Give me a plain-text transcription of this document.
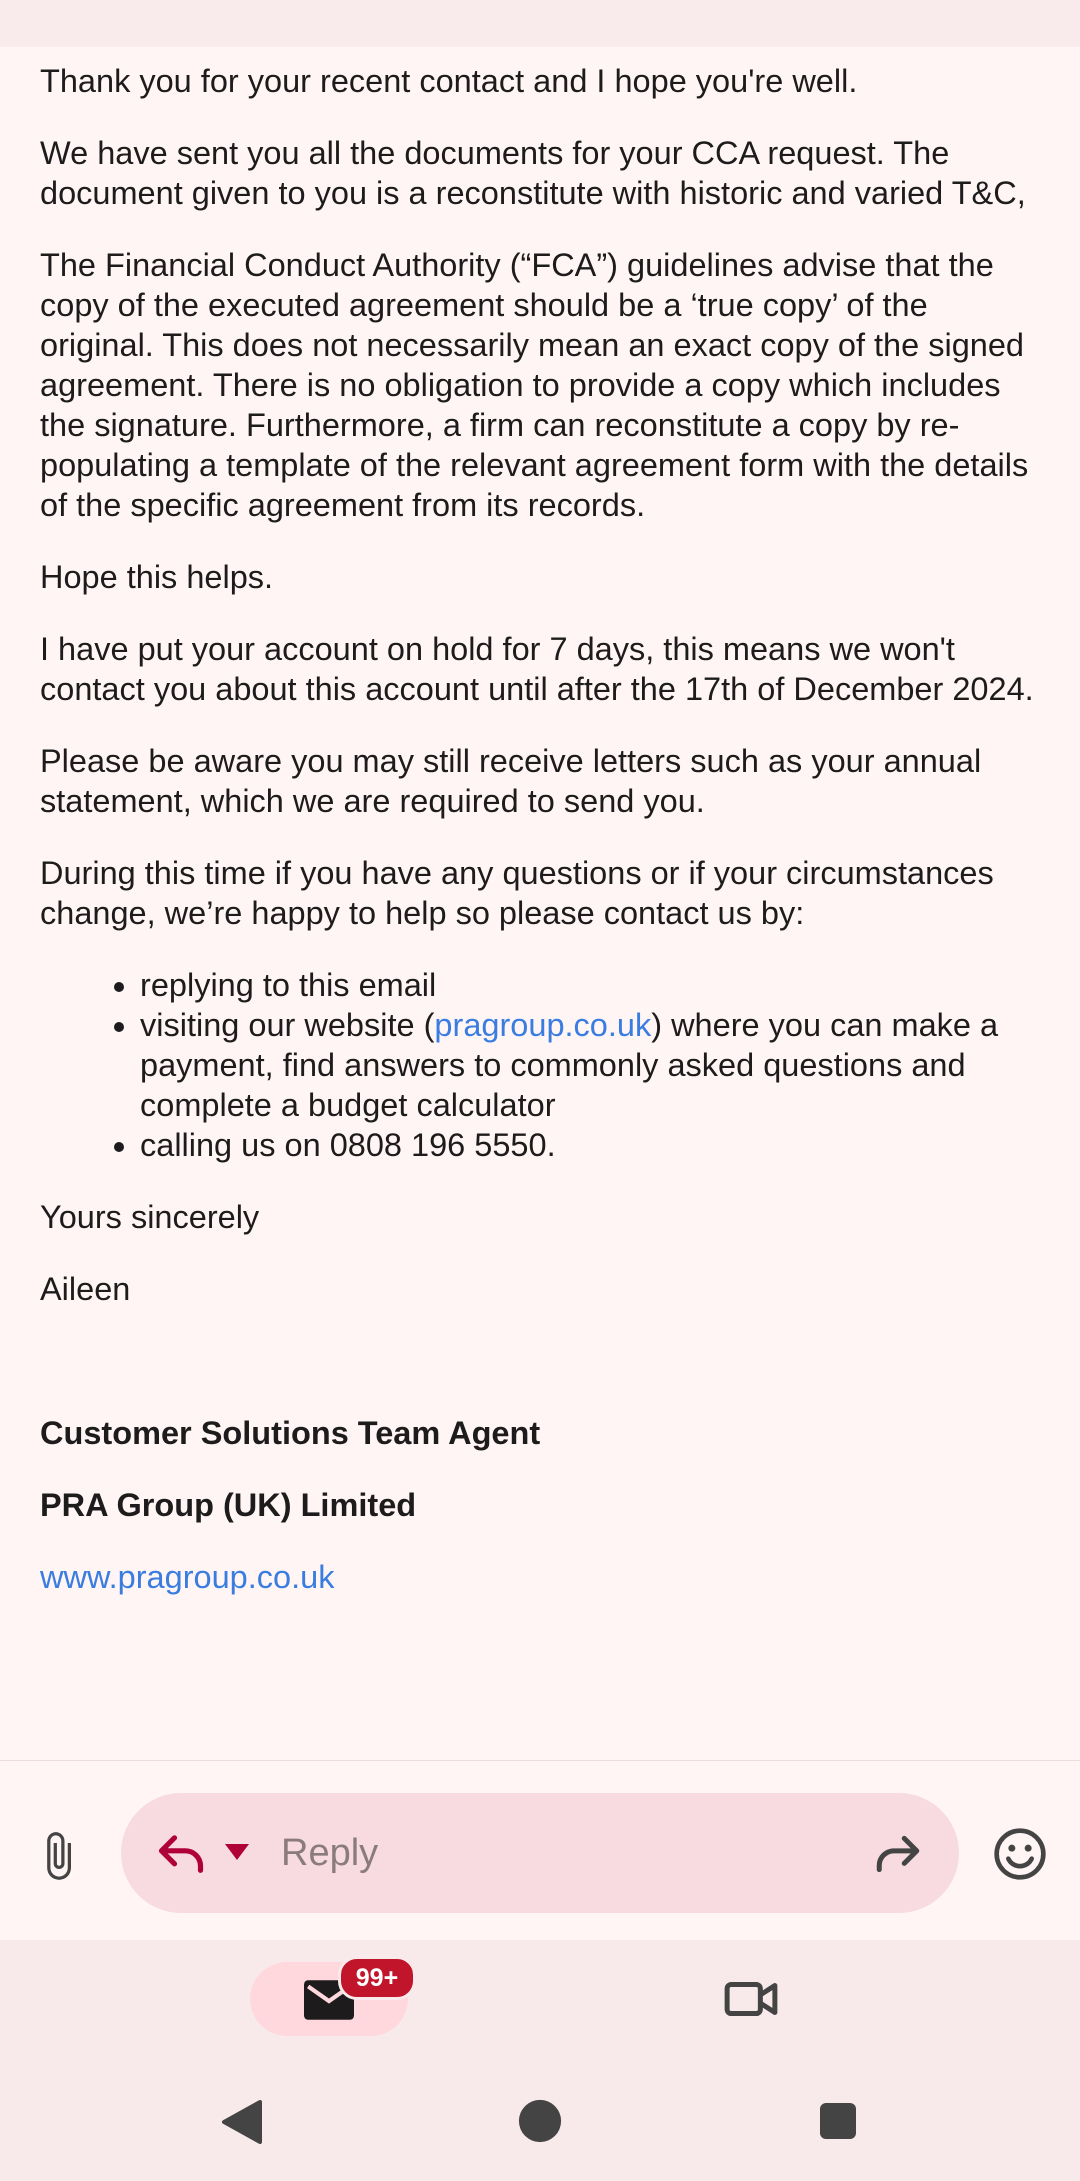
Thank you for your recent contact and I hope you're well.

We have sent you all the documents for your CCA request. The document given to you is a reconstitute with historic and varied T&C,

The Financial Conduct Authority (“FCA”) guidelines advise that the copy of the executed agreement should be a ‘true copy’ of the original. This does not necessarily mean an exact copy of the signed agreement. There is no obligation to provide a copy which includes the signature. Furthermore, a firm can reconstitute a copy by re-populating a template of the relevant agreement form with the details of the specific agreement from its records.

Hope this helps.

I have put your account on hold for 7 days, this means we won't contact you about this account until after the 17th of December 2024.

Please be aware you may still receive letters such as your annual statement, which we are required to send you.

During this time if you have any questions or if your circumstances change, we’re happy to help so please contact us by:

• replying to this email
• visiting our website (pragroup.co.uk) where you can make a payment, find answers to commonly asked questions and complete a budget calculator
• calling us on 0808 196 5550.

Yours sincerely

Aileen

Customer Solutions Team Agent

PRA Group (UK) Limited

www.pragroup.co.uk

Reply
99+
